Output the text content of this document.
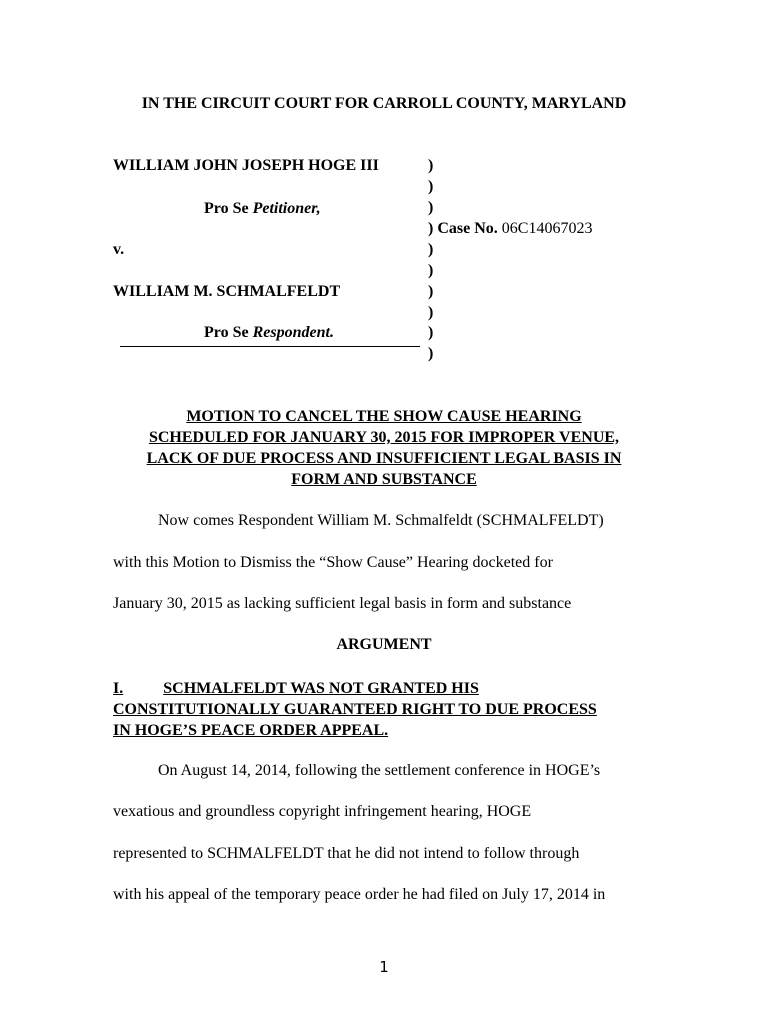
IN THE CIRCUIT COURT FOR CARROLL COUNTY, MARYLAND
WILLIAM JOHN JOSEPH HOGE III
Pro Se Petitioner,
v.
WILLIAM M. SCHMALFELDT
Pro Se Respondent.
)
)
)
) Case No. 06C14067023
)
)
)
)
)
)
MOTION TO CANCEL THE SHOW CAUSE HEARING
SCHEDULED FOR JANUARY 30, 2015 FOR IMPROPER VENUE,
LACK OF DUE PROCESS AND INSUFFICIENT LEGAL BASIS IN
FORM AND SUBSTANCE
Now comes Respondent William M. Schmalfeldt (SCHMALFELDT)
with this Motion to Dismiss the “Show Cause” Hearing docketed for
January 30, 2015 as lacking sufficient legal basis in form and substance
ARGUMENT
I.	SCHMALFELDT WAS NOT GRANTED HIS
CONSTITUTIONALLY GUARANTEED RIGHT TO DUE PROCESS
IN HOGE’S PEACE ORDER APPEAL.
On August 14, 2014, following the settlement conference in HOGE’s
vexatious and groundless copyright infringement hearing, HOGE
represented to SCHMALFELDT that he did not intend to follow through
with his appeal of the temporary peace order he had filed on July 17, 2014 in
1
